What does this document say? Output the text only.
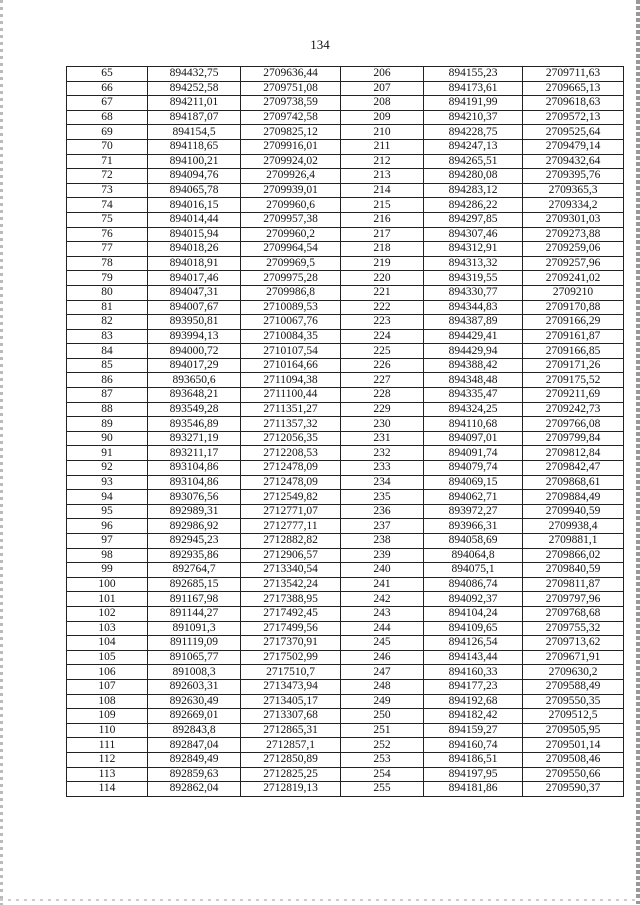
134
65	894432,75	2709636,44	206	894155,23	2709711,63
66	894252,58	2709751,08	207	894173,61	2709665,13
67	894211,01	2709738,59	208	894191,99	2709618,63
68	894187,07	2709742,58	209	894210,37	2709572,13
69	894154,5	2709825,12	210	894228,75	2709525,64
70	894118,65	2709916,01	211	894247,13	2709479,14
71	894100,21	2709924,02	212	894265,51	2709432,64
72	894094,76	2709926,4	213	894280,08	2709395,76
73	894065,78	2709939,01	214	894283,12	2709365,3
74	894016,15	2709960,6	215	894286,22	2709334,2
75	894014,44	2709957,38	216	894297,85	2709301,03
76	894015,94	2709960,2	217	894307,46	2709273,88
77	894018,26	2709964,54	218	894312,91	2709259,06
78	894018,91	2709969,5	219	894313,32	2709257,96
79	894017,46	2709975,28	220	894319,55	2709241,02
80	894047,31	2709986,8	221	894330,77	2709210
81	894007,67	2710089,53	222	894344,83	2709170,88
82	893950,81	2710067,76	223	894387,89	2709166,29
83	893994,13	2710084,35	224	894429,41	2709161,87
84	894000,72	2710107,54	225	894429,94	2709166,85
85	894017,29	2710164,66	226	894388,42	2709171,26
86	893650,6	2711094,38	227	894348,48	2709175,52
87	893648,21	2711100,44	228	894335,47	2709211,69
88	893549,28	2711351,27	229	894324,25	2709242,73
89	893546,89	2711357,32	230	894110,68	2709766,08
90	893271,19	2712056,35	231	894097,01	2709799,84
91	893211,17	2712208,53	232	894091,74	2709812,84
92	893104,86	2712478,09	233	894079,74	2709842,47
93	893104,86	2712478,09	234	894069,15	2709868,61
94	893076,56	2712549,82	235	894062,71	2709884,49
95	892989,31	2712771,07	236	893972,27	2709940,59
96	892986,92	2712777,11	237	893966,31	2709938,4
97	892945,23	2712882,82	238	894058,69	2709881,1
98	892935,86	2712906,57	239	894064,8	2709866,02
99	892764,7	2713340,54	240	894075,1	2709840,59
100	892685,15	2713542,24	241	894086,74	2709811,87
101	891167,98	2717388,95	242	894092,37	2709797,96
102	891144,27	2717492,45	243	894104,24	2709768,68
103	891091,3	2717499,56	244	894109,65	2709755,32
104	891119,09	2717370,91	245	894126,54	2709713,62
105	891065,77	2717502,99	246	894143,44	2709671,91
106	891008,3	2717510,7	247	894160,33	2709630,2
107	892603,31	2713473,94	248	894177,23	2709588,49
108	892630,49	2713405,17	249	894192,68	2709550,35
109	892669,01	2713307,68	250	894182,42	2709512,5
110	892843,8	2712865,31	251	894159,27	2709505,95
111	892847,04	2712857,1	252	894160,74	2709501,14
112	892849,49	2712850,89	253	894186,51	2709508,46
113	892859,63	2712825,25	254	894197,95	2709550,66
114	892862,04	2712819,13	255	894181,86	2709590,37
